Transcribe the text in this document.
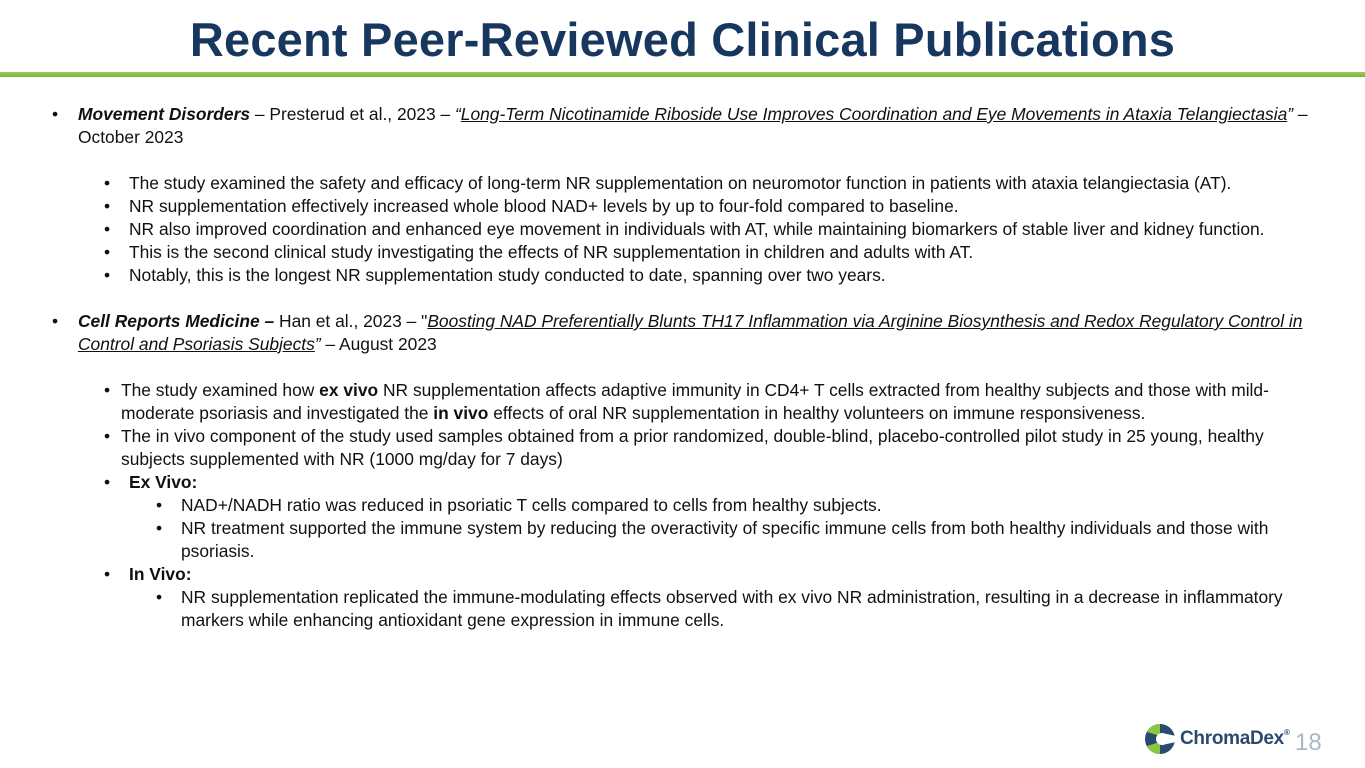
Recent Peer-Reviewed Clinical Publications
• Movement Disorders – Presterud et al., 2023 – “Long-Term Nicotinamide Riboside Use Improves Coordination and Eye Movements in Ataxia Telangiectasia” – October 2023
• The study examined the safety and efficacy of long-term NR supplementation on neuromotor function in patients with ataxia telangiectasia (AT).
• NR supplementation effectively increased whole blood NAD+ levels by up to four-fold compared to baseline.
• NR also improved coordination and enhanced eye movement in individuals with AT, while maintaining biomarkers of stable liver and kidney function.
• This is the second clinical study investigating the effects of NR supplementation in children and adults with AT.
• Notably, this is the longest NR supplementation study conducted to date, spanning over two years.
• Cell Reports Medicine – Han et al., 2023 – "Boosting NAD Preferentially Blunts TH17 Inflammation via Arginine Biosynthesis and Redox Regulatory Control in Control and Psoriasis Subjects” – August 2023
• The study examined how ex vivo NR supplementation affects adaptive immunity in CD4+ T cells extracted from healthy subjects and those with mild-moderate psoriasis and investigated the in vivo effects of oral NR supplementation in healthy volunteers on immune responsiveness.
• The in vivo component of the study used samples obtained from a prior randomized, double-blind, placebo-controlled pilot study in 25 young, healthy subjects supplemented with NR (1000 mg/day for 7 days)
• Ex Vivo:
• NAD+/NADH ratio was reduced in psoriatic T cells compared to cells from healthy subjects.
• NR treatment supported the immune system by reducing the overactivity of specific immune cells from both healthy individuals and those with psoriasis.
• In Vivo:
• NR supplementation replicated the immune-modulating effects observed with ex vivo NR administration, resulting in a decrease in inflammatory markers while enhancing antioxidant gene expression in immune cells.
ChromaDex® 18
